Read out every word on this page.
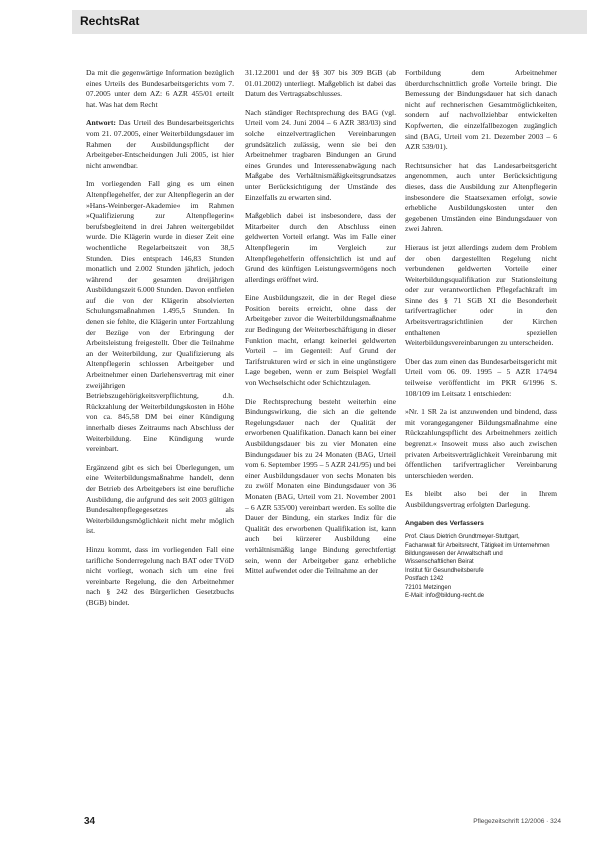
RechtsRat

Da mit die gegenwärtige Information bezüglich eines Urteils des Bundesarbeitsgerichts vom 7. 07.2005 unter dem AZ: 6 AZR 455/01 erteilt hat. Was hat dem Recht

Antwort: Das Urteil des Bundesarbeitsgerichts vom 21. 07.2005, einer Weiterbildungsdauer im Rahmen der Ausbildungspflicht der Arbeitgeber-Entscheidungen Juli 2005, ist hier nicht anwendbar.

Im vorliegenden Fall ging es um einen Altenpflegehelfer, der zur Altenpflegerin an der »Hans-Weinberger-Akademie« im Rahmen »Qualifizierung zur Altenpflegerin« berufsbegleitend in drei Jahren weitergebildet wurde. Die Klägerin wurde in dieser Zeit eine wochentliche Regelarbeitszeit von 38,5 Stunden. Dies entsprach 146,83 Stunden monatlich und 2.002 Stunden jährlich, jedoch während der gesamten dreijährigen Ausbildungszeit 6.000 Stunden. Davon entfielen auf die von der Klägerin absolvierten Schulungsmaßnahmen 1.495,5 Stunden. In denen sie fehlte, die Klägerin unter Fortzahlung der Bezüge von der Erbringung der Arbeitsleistung freigestellt. Über die Teilnahme an der Weiterbildung, zur Qualifizierung als Altenpflegerin schlossen Arbeitgeber und Arbeitnehmer einen Darlehensvertrag mit einer zweijährigen Betriebszugehörigkeitsverpflichtung, d.h. Rückzahlung der Weiterbildungskosten in Höhe von ca. 845,58 DM bei einer Kündigung innerhalb dieses Zeitraums nach Abschluss der Weiterbildung. Eine Kündigung wurde vereinbart.

Ergänzend gibt es sich bei Überlegungen, um eine Weiterbildungsmaßnahme handelt, denn der Betrieb des Arbeitgebers ist eine berufliche Ausbildung, die aufgrund des seit 2003 gültigen Bundesaltenpflegegesetzes als Weiterbildungsmöglichkeit nicht mehr möglich ist.

Hinzu kommt, dass im vorliegenden Fall eine tarifliche Sonderregelung nach BAT oder TVöD nicht vorliegt, wonach sich um eine frei vereinbarte Regelung, die den Arbeitnehmer nach § 242 des Bürgerlichen Gesetzbuchs (BGB) bindet.

31.12.2001 und der §§ 307 bis 309 BGB (ab 01.01.2002) unterliegt. Maßgeblich ist dabei das Datum des Vertragsabschlusses.

Nach ständiger Rechtsprechung des BAG (vgl. Urteil vom 24. Juni 2004 – 6 AZR 383/03) sind solche einzelvertraglichen Vereinbarungen grundsätzlich zulässig, wenn sie bei den Arbeitnehmer tragbaren Bindungen an Grund eines Grundes und Interessenabwägung nach Maßgabe des Verhältnismäßigkeitsgrundsatzes unter Berücksichtigung der Umstände des Einzelfalls zu erwarten sind.

Maßgeblich dabei ist insbesondere, dass der Mitarbeiter durch den Abschluss einen geldwerten Vorteil erlangt. Was im Falle einer Altenpflegerin im Vergleich zur Altenpflegehelferin offensichtlich ist und auf Grund des künftigen Leistungsvermögens noch allerdings eröffnet wird.

Eine Ausbildungszeit, die in der Regel diese Position bereits erreicht, ohne dass der Arbeitgeber zuvor die Weiterbildungsmaßnahme zur Bedingung der Weiterbeschäftigung in dieser Funktion macht, erlangt keinerlei geldwerten Vorteil – im Gegenteil: Auf Grund der Tarifstrukturen wird er sich in eine ungünstigere Lage begeben, wenn er zum Beispiel Wegfall von Wechselschicht oder Schichtzulagen.

Die Rechtsprechung besteht weiterhin eine Bindungswirkung, die sich an die geltende Regelungsdauer nach der Qualität der erworbenen Qualifikation. Danach kann bei einer Ausbildungsdauer bis zu vier Monaten eine Bindungsdauer bis zu 24 Monaten (BAG, Urteil vom 6. September 1995 – 5 AZR 241/95) und bei einer Ausbildungsdauer von sechs Monaten bis zu zwölf Monaten eine Bindungsdauer von 36 Monaten (BAG, Urteil vom 21. November 2001 – 6 AZR 535/00) vereinbart werden. Es sollte die Dauer der Bindung, ein starkes Indiz für die Qualität des erworbenen Qualifikation ist, kann auch bei kürzerer Ausbildung eine verhältnismäßig lange Bindung gerechtfertigt sein, wenn der Arbeitgeber ganz erhebliche Mittel aufwendet oder die Teilnahme an der

Fortbildung dem Arbeitnehmer überdurchschnittlich große Vorteile bringt. Die Bemessung der Bindungsdauer hat sich danach nicht auf rechnerischen Gesamtmöglichkeiten, sondern auf nachvollziehbar entwickelten Kopfwerten, die einzelfallbezogen zugänglich sind (BAG, Urteil vom 21. Dezember 2003 – 6 AZR 539/01).

Rechtsunsicher hat das Landesarbeitsgericht angenommen, auch unter Berücksichtigung dieses, dass die Ausbildung zur Altenpflegerin insbesondere die Staatsexamen erfolgt, sowie erhebliche Ausbildungskosten unter den gegebenen Umständen eine Bindungsdauer von zwei Jahren.

Hieraus ist jetzt allerdings zudem dem Problem der oben dargestellten Regelung nicht verbundenen geldwerten Vorteile einer Weiterbildungsqualifikation zur Stationsleitung oder zur verantwortlichen Pflegefachkraft im Sinne des § 71 SGB XI die Besonderheit tarifvertraglicher oder in den Arbeitsvertragsrichtlinien der Kirchen enthaltenen speziellen Weiterbildungsvereinbarungen zu unterscheiden.

Über das zum einen das Bundesarbeitsgericht mit Urteil vom 06. 09. 1995 – 5 AZR 174/94 teilweise veröffentlicht im PKR 6/1996 S. 108/109 im Leitsatz 1 entschieden:

»Nr. 1 SR 2a ist anzuwenden und bindend, dass mit vorangegangener Bildungsmaßnahme eine Rückzahlungspflicht des Arbeitnehmers zeitlich begrenzt.« Insoweit muss also auch zwischen privaten Arbeitsverträglichkeit Vereinbarung mit öffentlichen tarifvertraglicher Vereinbarung unterschieden werden.

Es bleibt also bei der in Ihrem Ausbildungsvertrag erfolgten Darlegung.

Angaben des Verfassers
Prof. Claus Dietrich Grundtmeyer-Stuttgart,
Fachanwalt für Arbeitsrecht, Tätigkeit im Unternehmen
Bildungswesen der Anwaltschaft und
Wissenschaftlichen Beirat
Institut für Gesundheitsberufe
Postfach 1242
72101 Metzingen
E-Mail: info@bildung-recht.de
34	Pflegezeitschrift 12/2006 · 324
